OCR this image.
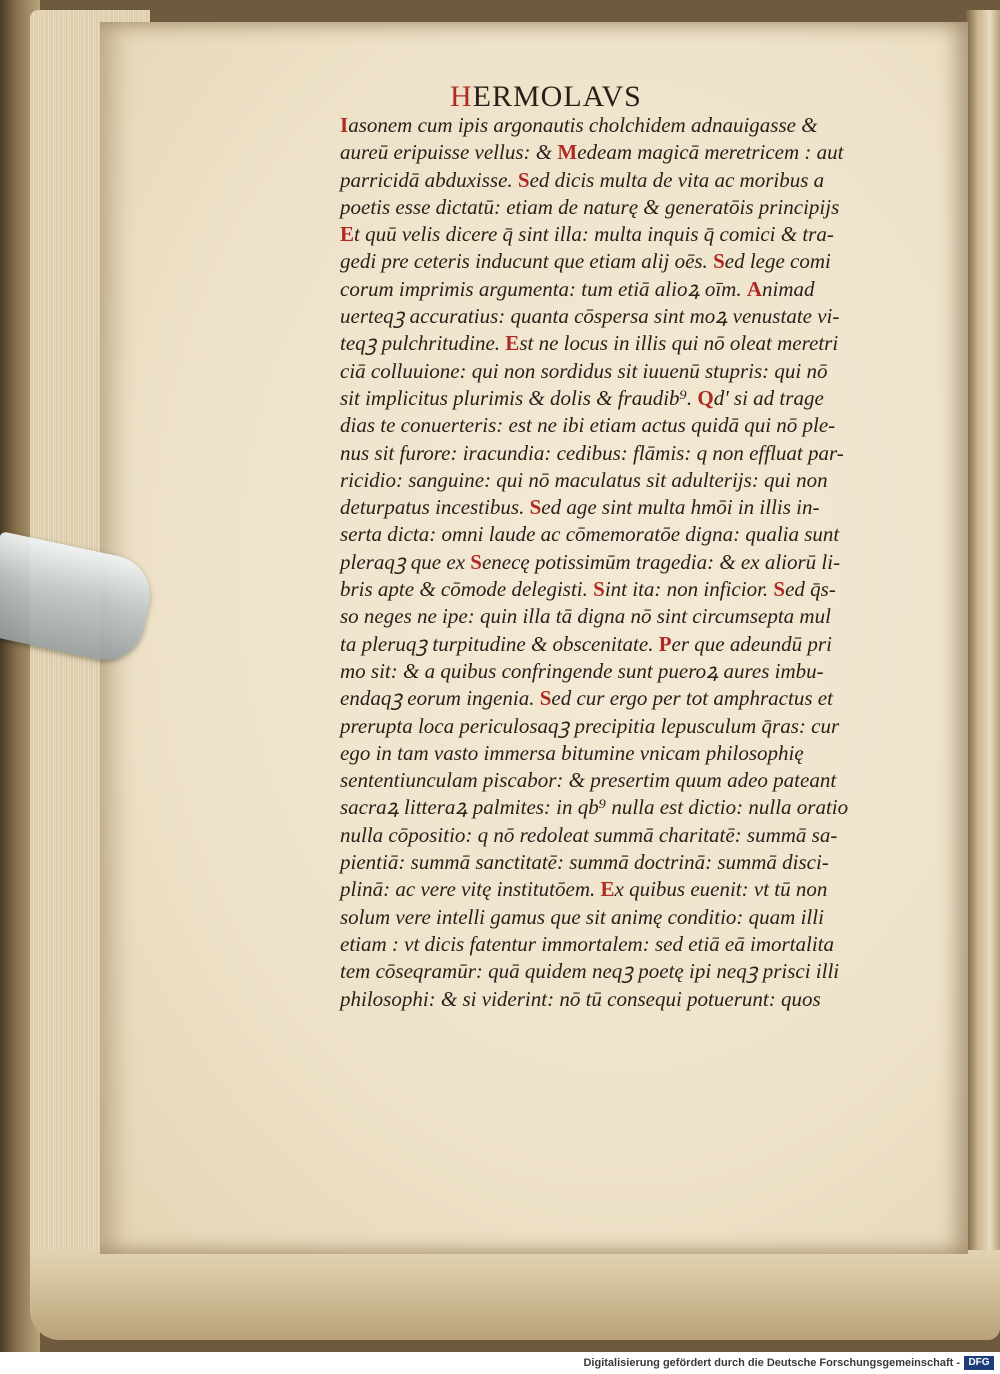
HERMOLAVS
Iasonem cum ipis argonautis cholchidem adnauigasse &
aureū eripuisse vellus: & Medeam magicā meretricem : aut
parricidā abduxisse. Sed dicis multa de vita ac moribus a
poetis esse dictatū: etiam de naturę & generatōis principijs
Et quū velis dicere q̄ sint illa: multa inquis q̄ comici & tra-
gedi pre ceteris inducunt que etiam alij oēs. Sed lege comi
corum imprimis argumenta: tum etiā alioꝝ oīm. Animad
uerteqꝫ accuratius: quanta cōspersa sint moꝝ venustate vi-
teqꝫ pulchritudine. Est ne locus in illis qui nō oleat meretri
ciā colluuione: qui non sordidus sit iuuenū stupris: qui nō
sit implicitus plurimis & dolis & fraudib⁹. Qd' si ad trage
dias te conuerteris: est ne ibi etiam actus quidā qui nō ple-
nus sit furore: iracundia: cedibus: flāmis: q non effluat par-
ricidio: sanguine: qui nō maculatus sit adulterijs: qui non
deturpatus incestibus. Sed age sint multa hmōi in illis in-
serta dicta: omni laude ac cōmemoratōe digna: qualia sunt
pleraqꝫ que ex Senecę potissimūm tragedia: & ex aliorū li-
bris apte & cōmode delegisti. Sint ita: non inficior. Sed q̄s-
so neges ne ipe: quin illa tā digna nō sint circumsepta mul
ta pleruqꝫ turpitudine & obscenitate. Per que adeundū pri
mo sit: & a quibus confringende sunt pueroꝝ aures imbu-
endaqꝫ eorum ingenia. Sed cur ergo per tot amphractus et
prerupta loca periculosaqꝫ precipitia lepusculum q̄ras: cur
ego in tam vasto immersa bitumine vnicam philosophię
sententiunculam piscabor: & presertim quum adeo pateant
sacraꝝ litteraꝝ palmites: in qb⁹ nulla est dictio: nulla oratio
nulla cōpositio: q nō redoleat summā charitatē: summā sa-
pientiā: summā sanctitatē: summā doctrinā: summā disci-
plinā: ac vere vitę institutōem. Ex quibus euenit: vt tū non
solum vere intelli gamus que sit animę conditio: quam illi
etiam : vt dicis fatentur immortalem: sed etiā eā imortalita
tem cōseqramūr: quā quidem neqꝫ poetę ipi neqꝫ prisci illi
philosophi: & si viderint: nō tū consequi potuerunt: quos
Digitalisierung gefördert durch die Deutsche Forschungsgemeinschaft - DFG
